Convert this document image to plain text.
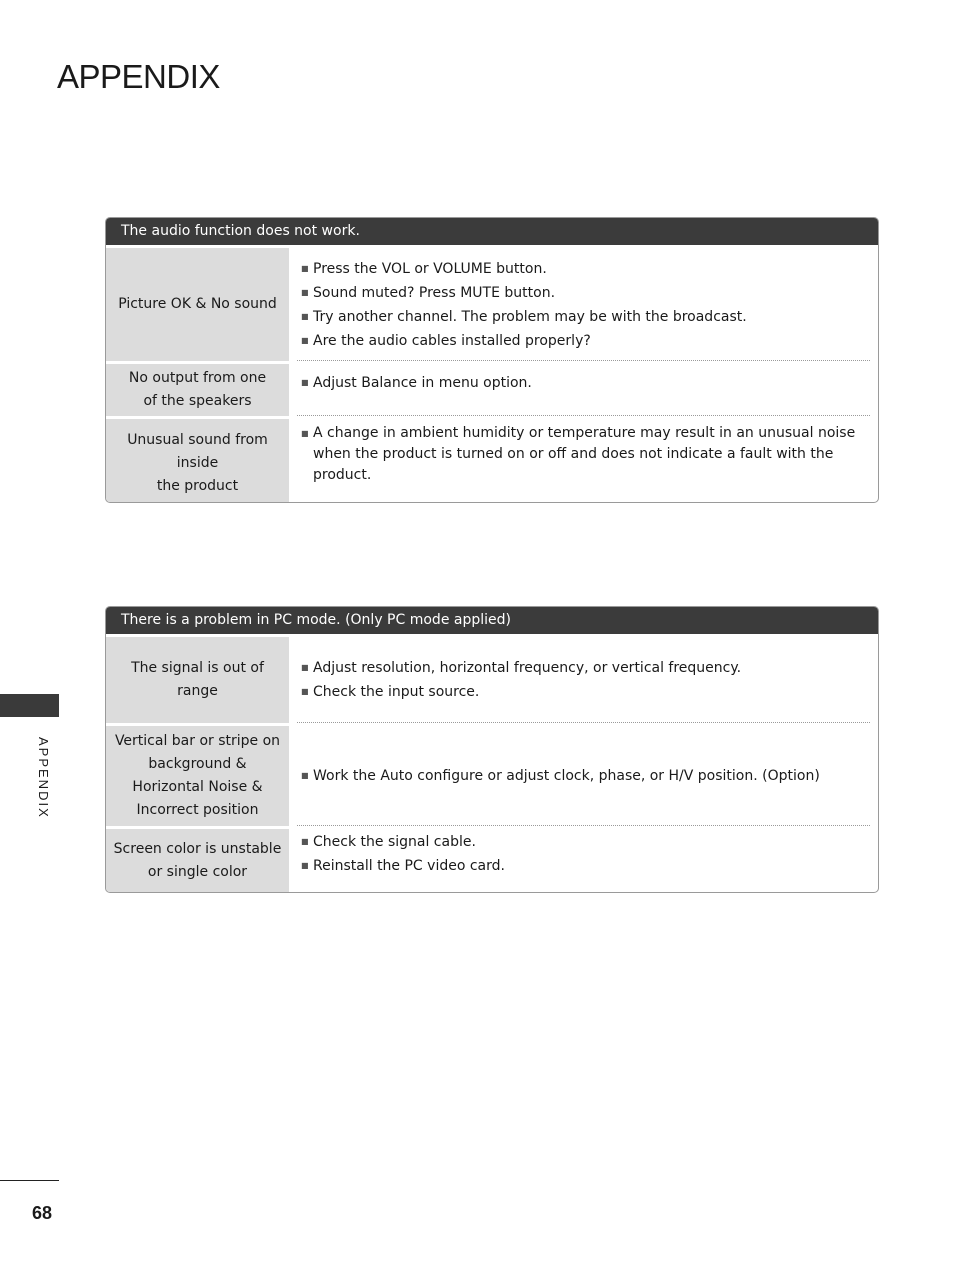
APPENDIX
APPENDIX
The audio function does not work.
Picture OK & No sound
■ Press the VOL or VOLUME button.
■ Sound muted? Press MUTE button.
■ Try another channel. The problem may be with the broadcast.
■ Are the audio cables installed properly?
No output from one
of the speakers
■ Adjust Balance in menu option.
Unusual sound from
inside
the product
■ A change in ambient humidity or temperature may result in an unusual noise when the product is turned on or off and does not indicate a fault with the product.
There is a problem in PC mode. (Only PC mode applied)
The signal is out of range
■ Adjust resolution, horizontal frequency, or vertical frequency.
■ Check the input source.
Vertical bar or stripe on
background &
Horizontal Noise &
Incorrect position
■ Work the Auto configure or adjust clock, phase, or H/V position. (Option)
Screen color is unstable
or single color
■ Check the signal cable.
■ Reinstall the PC video card.
68
